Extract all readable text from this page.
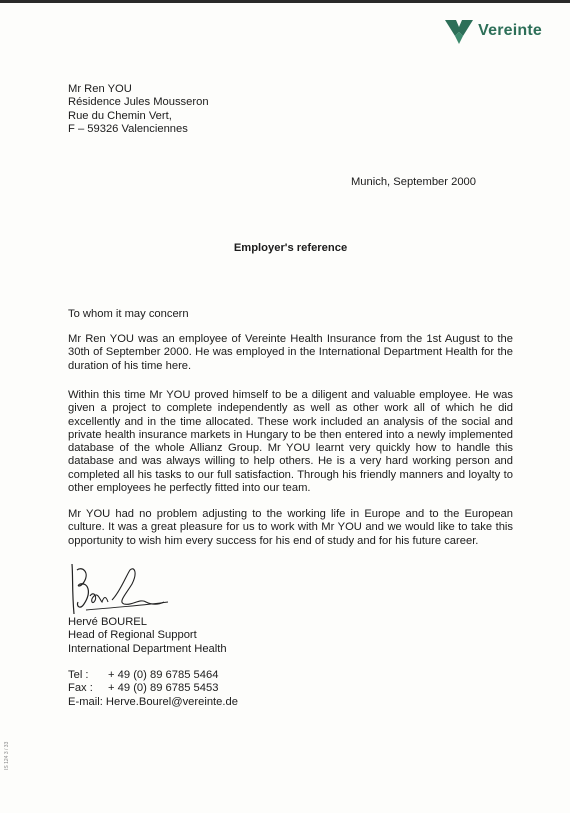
Vereinte
Mr Ren YOU
Résidence Jules Mousseron
Rue du Chemin Vert,
F – 59326 Valenciennes
Munich, September 2000
Employer's reference
To whom it may concern

Mr Ren YOU was an employee of Vereinte Health Insurance from the 1st August to the 30th of September 2000. He was employed in the International Department Health for the duration of his time here.

Within this time Mr YOU proved himself to be a diligent and valuable employee. He was given a project to complete independently as well as other work all of which he did excellently and in the time allocated. These work included an analysis of the social and private health insurance markets in Hungary to be then entered into a newly implemented database of the whole Allianz Group. Mr YOU learnt very quickly how to handle this database and was always willing to help others. He is a very hard working person and completed all his tasks to our full satisfaction. Through his friendly manners and loyalty to other employees he perfectly fitted into our team.

Mr YOU had no problem adjusting to the working life in Europe and to the European culture. It was a great pleasure for us to work with Mr YOU and we would like to take this opportunity to wish him every success for his end of study and for his future career.

Hervé BOUREL
Head of Regional Support
International Department Health
Tel :	+ 49 (0) 89 6785 5464
Fax :	+ 49 (0) 89 6785 5453
E-mail:
Herve.Bourel@vereinte.de
IS 124 3 / 33
